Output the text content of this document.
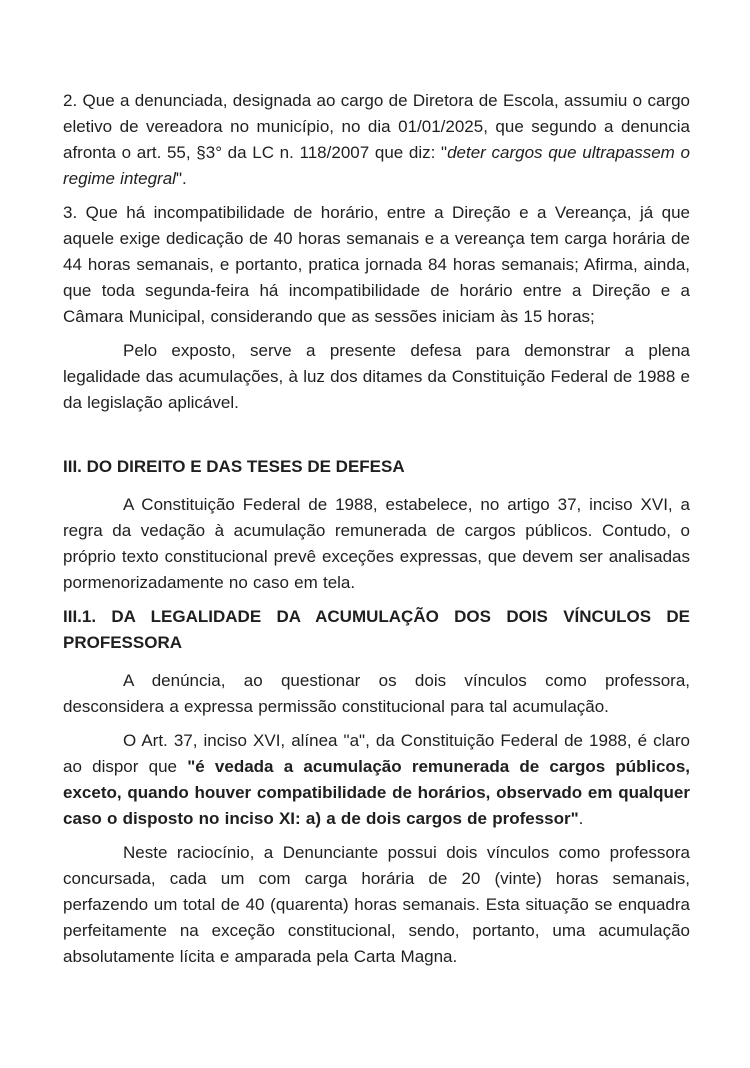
2. Que a denunciada, designada ao cargo de Diretora de Escola, assumiu o cargo eletivo de vereadora no município, no dia 01/01/2025, que segundo a denuncia afronta o art. 55, §3° da LC n. 118/2007 que diz: "deter cargos que ultrapassem o regime integral".

3. Que há incompatibilidade de horário, entre a Direção e a Vereança, já que aquele exige dedicação de 40 horas semanais e a vereança tem carga horária de 44 horas semanais, e portanto, pratica jornada 84 horas semanais; Afirma, ainda, que toda segunda-feira há incompatibilidade de horário entre a Direção e a Câmara Municipal, considerando que as sessões iniciam às 15 horas;

Pelo exposto, serve a presente defesa para demonstrar a plena legalidade das acumulações, à luz dos ditames da Constituição Federal de 1988 e da legislação aplicável.

III. DO DIREITO E DAS TESES DE DEFESA

A Constituição Federal de 1988, estabelece, no artigo 37, inciso XVI, a regra da vedação à acumulação remunerada de cargos públicos. Contudo, o próprio texto constitucional prevê exceções expressas, que devem ser analisadas pormenorizadamente no caso em tela.

III.1. DA LEGALIDADE DA ACUMULAÇÃO DOS DOIS VÍNCULOS DE
PROFESSORA

A denúncia, ao questionar os dois vínculos como professora, desconsidera a expressa permissão constitucional para tal acumulação.

O Art. 37, inciso XVI, alínea "a", da Constituição Federal de 1988, é claro ao dispor que "é vedada a acumulação remunerada de cargos públicos, exceto, quando houver compatibilidade de horários, observado em qualquer caso o disposto no inciso XI: a) a de dois cargos de professor".

Neste raciocínio, a Denunciante possui dois vínculos como professora concursada, cada um com carga horária de 20 (vinte) horas semanais, perfazendo um total de 40 (quarenta) horas semanais. Esta situação se enquadra perfeitamente na exceção constitucional, sendo, portanto, uma acumulação absolutamente lícita e amparada pela Carta Magna.
